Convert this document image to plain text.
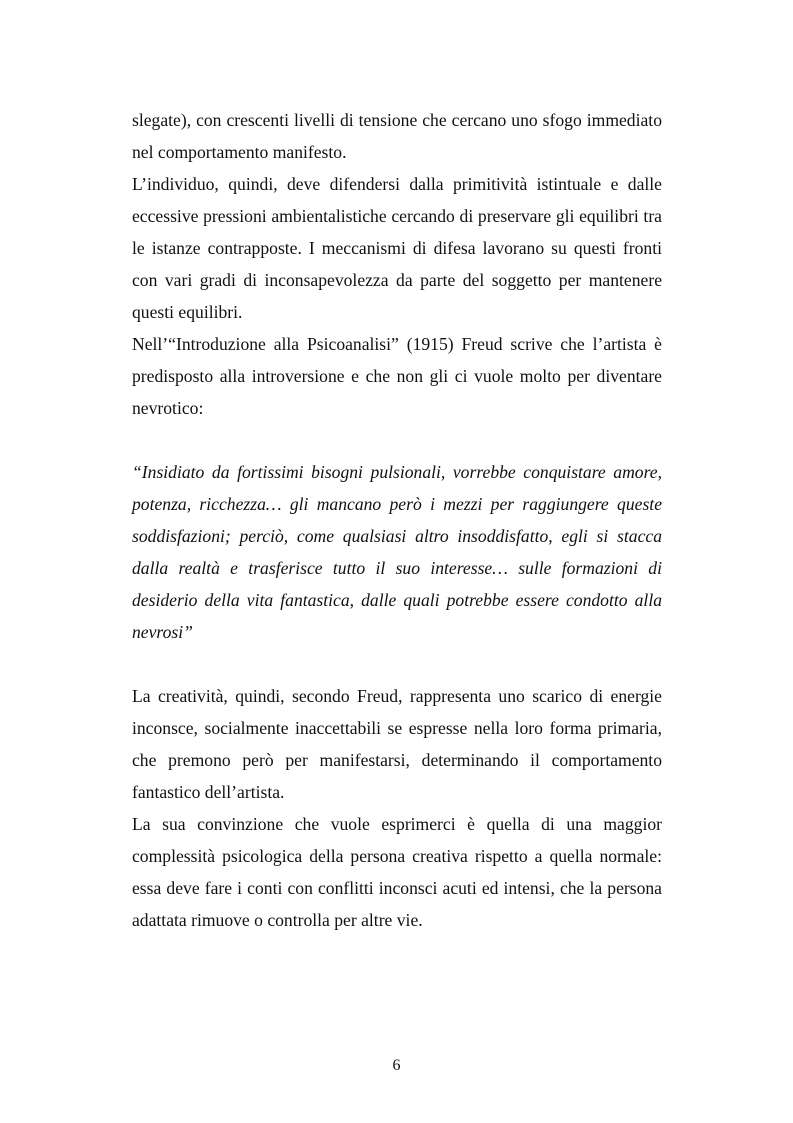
slegate), con crescenti livelli di tensione che cercano uno sfogo immediato nel comportamento manifesto.

L’individuo, quindi, deve difendersi dalla primitività istintuale e dalle eccessive pressioni ambientalistiche cercando di preservare gli equilibri tra le istanze contrapposte. I meccanismi di difesa lavorano su questi fronti con vari gradi di inconsapevolezza da parte del soggetto per mantenere questi equilibri.

Nell’“Introduzione alla Psicoanalisi” (1915) Freud scrive che l’artista è predisposto alla introversione e che non gli ci vuole molto per diventare nevrotico:

“Insidiato da fortissimi bisogni pulsionali, vorrebbe conquistare amore, potenza, ricchezza… gli mancano però i mezzi per raggiungere queste soddisfazioni; perciò, come qualsiasi altro insoddisfatto, egli si stacca dalla realtà e trasferisce tutto il suo interesse… sulle formazioni di desiderio della vita fantastica, dalle quali potrebbe essere condotto alla nevrosi”

La creatività, quindi, secondo Freud, rappresenta uno scarico di energie inconsce, socialmente inaccettabili se espresse nella loro forma primaria, che premono però per manifestarsi, determinando il comportamento fantastico dell’artista.

La sua convinzione che vuole esprimerci è quella di una maggior complessità psicologica della persona creativa rispetto a quella normale: essa deve fare i conti con conflitti inconsci acuti ed intensi, che la persona adattata rimuove o controlla per altre vie.

6
